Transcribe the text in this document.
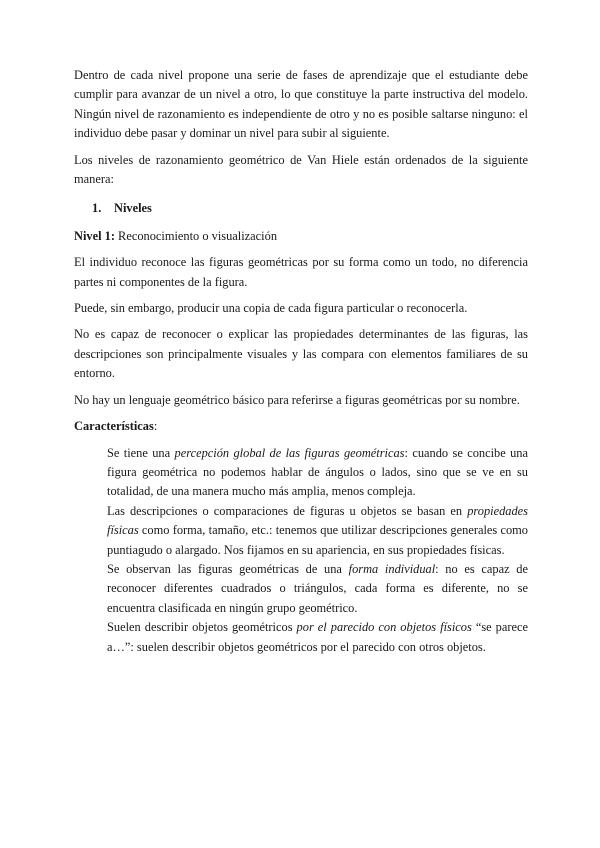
Dentro de cada nivel propone una serie de fases de aprendizaje que el estudiante debe cumplir para avanzar de un nivel a otro, lo que constituye la parte instructiva del modelo. Ningún nivel de razonamiento es independiente de otro y no es posible saltarse ninguno: el individuo debe pasar y dominar un nivel para subir al siguiente.

Los niveles de razonamiento geométrico de Van Hiele están ordenados de la siguiente manera:

1. Niveles

Nivel 1: Reconocimiento o visualización

El individuo reconoce las figuras geométricas por su forma como un todo, no diferencia partes ni componentes de la figura.

Puede, sin embargo, producir una copia de cada figura particular o reconocerla.

No es capaz de reconocer o explicar las propiedades determinantes de las figuras, las descripciones son principalmente visuales y las compara con elementos familiares de su entorno.

No hay un lenguaje geométrico básico para referirse a figuras geométricas por su nombre.

Características:

Se tiene una percepción global de las figuras geométricas: cuando se concibe una figura geométrica no podemos hablar de ángulos o lados, sino que se ve en su totalidad, de una manera mucho más amplia, menos compleja.

Las descripciones o comparaciones de figuras u objetos se basan en propiedades físicas como forma, tamaño, etc.: tenemos que utilizar descripciones generales como puntiagudo o alargado. Nos fijamos en su apariencia, en sus propiedades físicas.

Se observan las figuras geométricas de una forma individual: no es capaz de reconocer diferentes cuadrados o triángulos, cada forma es diferente, no se encuentra clasificada en ningún grupo geométrico.

Suelen describir objetos geométricos por el parecido con objetos físicos “se parece a…”: suelen describir objetos geométricos por el parecido con otros objetos.
